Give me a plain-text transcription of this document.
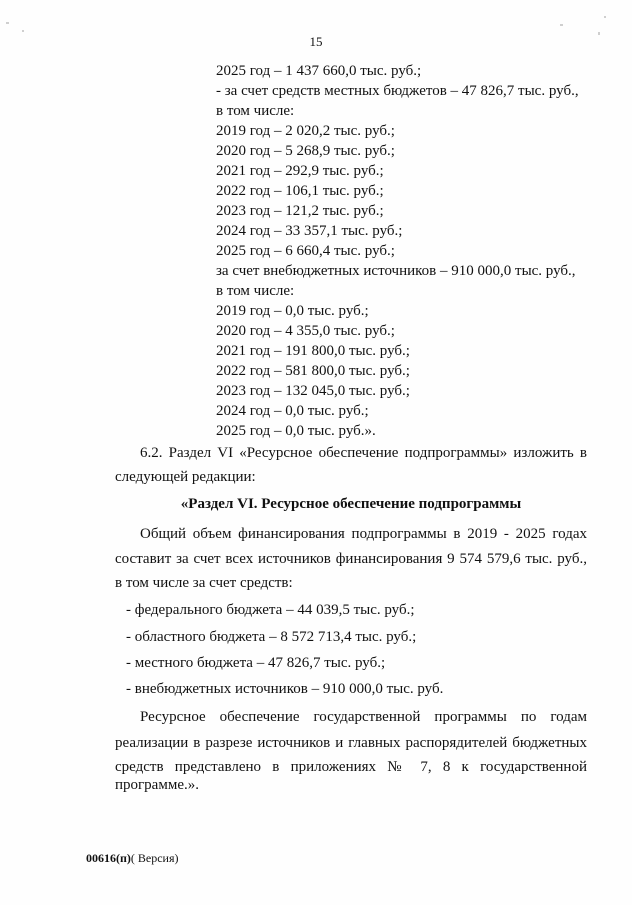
15
2025 год – 1 437 660,0 тыс. руб.;
- за счет средств местных бюджетов – 47 826,7 тыс. руб.,
в том числе:
2019 год – 2 020,2 тыс. руб.;
2020 год – 5 268,9 тыс. руб.;
2021 год – 292,9 тыс. руб.;
2022 год – 106,1 тыс. руб.;
2023 год – 121,2 тыс. руб.;
2024 год – 33 357,1 тыс. руб.;
2025 год – 6 660,4 тыс. руб.;
за счет внебюджетных источников – 910 000,0 тыс. руб.,
в том числе:
2019 год – 0,0 тыс. руб.;
2020 год – 4 355,0 тыс. руб.;
2021 год – 191 800,0 тыс. руб.;
2022 год – 581 800,0 тыс. руб.;
2023 год – 132 045,0 тыс. руб.;
2024 год – 0,0 тыс. руб.;
2025 год – 0,0 тыс. руб.».
6.2. Раздел VI «Ресурсное обеспечение подпрограммы» изложить в
следующей редакции:
«Раздел VI. Ресурсное обеспечение подпрограммы
Общий объем финансирования подпрограммы в 2019 - 2025 годах
составит за счет всех источников финансирования 9 574 579,6 тыс. руб.,
в том числе за счет средств:
- федерального бюджета – 44 039,5 тыс. руб.;
- областного бюджета – 8 572 713,4 тыс. руб.;
- местного бюджета – 47 826,7 тыс. руб.;
- внебюджетных источников – 910 000,0 тыс. руб.
Ресурсное обеспечение государственной программы по годам
реализации в разрезе источников и главных распорядителей бюджетных
средств представлено в приложениях № 7, 8 к государственной программе.».
00616(п)( Версия)
